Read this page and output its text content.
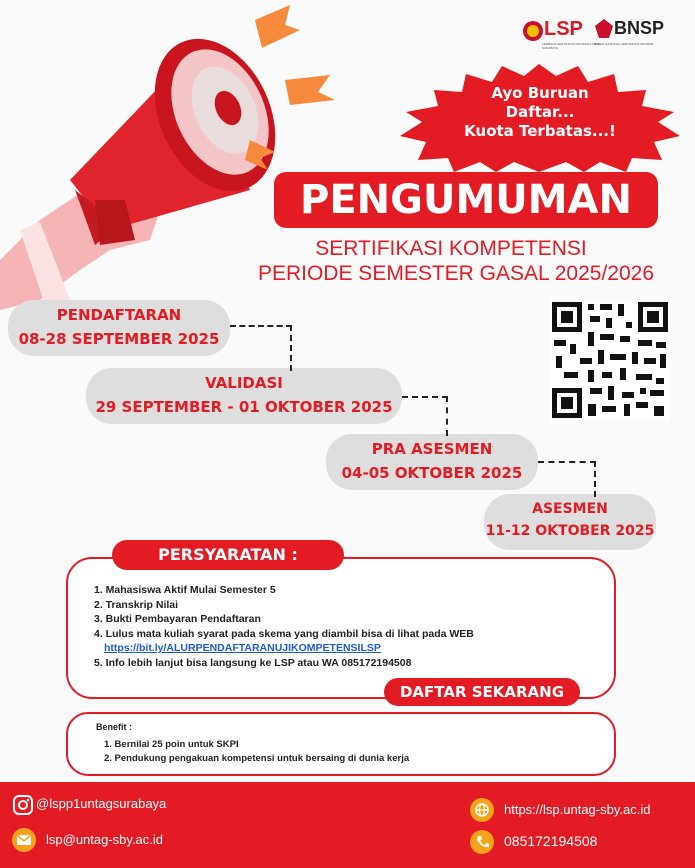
LSP
LEMBAGA SERTIFIKASI PROFESI UNTAG SURABAYA
BNSP
BADAN NASIONAL SERTIFIKASI PROFESI
Ayo Buruan
Daftar...
Kuota Terbatas...!
PENGUMUMAN
SERTIFIKASI KOMPETENSI
PERIODE SEMESTER GASAL 2025/2026
PENDAFTARAN
08-28 SEPTEMBER 2025
VALIDASI
29 SEPTEMBER - 01 OKTOBER 2025
PRA ASESMEN
04-05 OKTOBER 2025
ASESMEN
11-12 OKTOBER 2025
PERSYARATAN :
1. Mahasiswa Aktif Mulai Semester 5
2. Transkrip Nilai
3. Bukti Pembayaran Pendaftaran
4. Lulus mata kuliah syarat pada skema yang diambil bisa di lihat pada WEB
https://bit.ly/ALURPENDAFTARANUJIKOMPETENSILSP
5. Info lebih lanjut bisa langsung ke LSP atau WA 085172194508
DAFTAR SEKARANG
Benefit :
1. Bernilai 25 poin untuk SKPI
2. Pendukung pengakuan kompetensi untuk bersaing di dunia kerja
@lspp1untagsurabaya
lsp@untag-sby.ac.id
https://lsp.untag-sby.ac.id
085172194508
